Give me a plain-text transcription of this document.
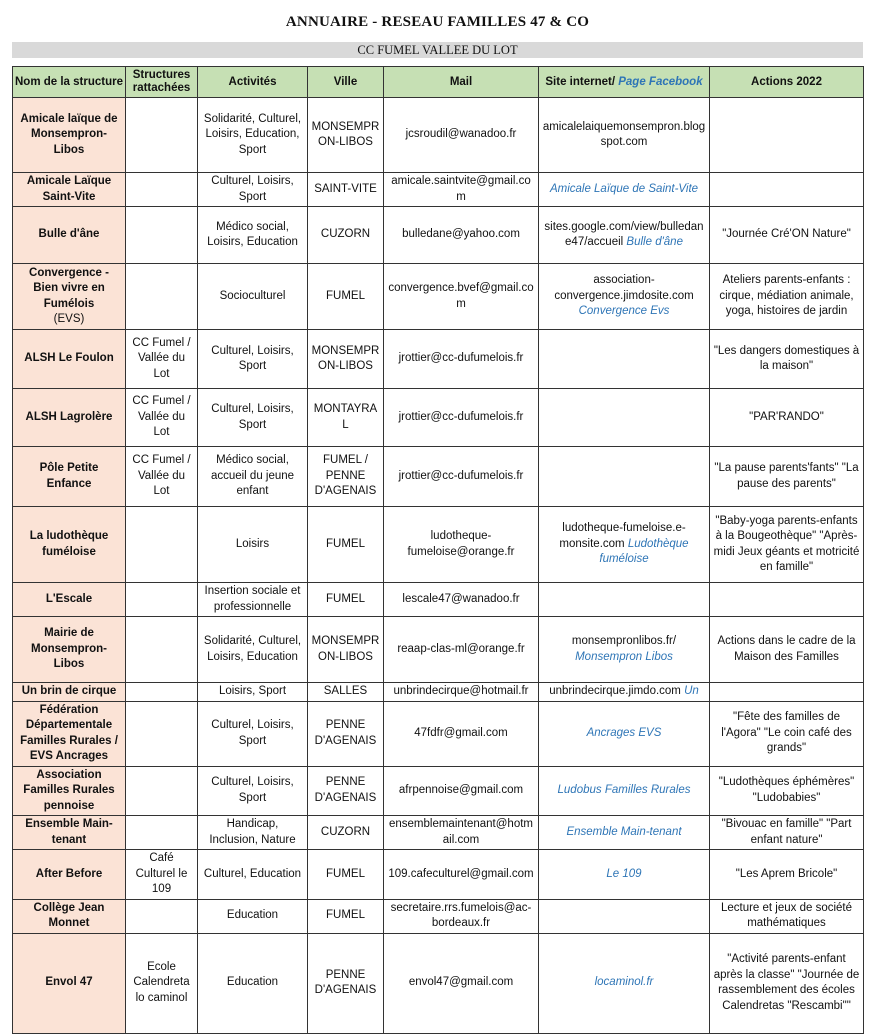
ANNUAIRE - RESEAU FAMILLES 47 & CO
CC FUMEL VALLEE DU LOT
Nom de la structure	Structures rattachées	Activités	Ville	Mail	Site internet/ Page Facebook	Actions 2022
Amicale laïque de Monsempron-Libos		Solidarité, Culturel, Loisirs, Education, Sport	MONSEMPRON-LIBOS	jcsroudil@wanadoo.fr	amicalelaiquemonsempron.blogspot.com	
Amicale Laïque Saint-Vite		Culturel, Loisirs, Sport	SAINT-VITE	amicale.saintvite@gmail.com	Amicale Laïque de Saint-Vite	
Bulle d'âne		Médico social, Loisirs, Education	CUZORN	bulledane@yahoo.com	sites.google.com/view/bulledane47/accueil Bulle d'âne	"Journée Cré'ON Nature"
Convergence - Bien vivre en Fumélois
(EVS)		Socioculturel	FUMEL	convergence.bvef@gmail.com	association-convergence.jimdosite.com Convergence Evs	Ateliers parents-enfants : cirque, médiation animale, yoga, histoires de jardin
ALSH Le Foulon	CC Fumel / Vallée du Lot	Culturel, Loisirs, Sport	MONSEMPRON-LIBOS	jrottier@cc-dufumelois.fr		"Les dangers domestiques à la maison"
ALSH Lagrolère	CC Fumel / Vallée du Lot	Culturel, Loisirs, Sport	MONTAYRAL	jrottier@cc-dufumelois.fr		"PAR'RANDO"
Pôle Petite Enfance	CC Fumel / Vallée du Lot	Médico social, accueil du jeune enfant	FUMEL / PENNE D'AGENAIS	jrottier@cc-dufumelois.fr		"La pause parents'fants" "La pause des parents"
La ludothèque fuméloise		Loisirs	FUMEL	ludotheque-fumeloise@orange.fr	ludotheque-fumeloise.e-monsite.com Ludothèque fuméloise	"Baby-yoga parents-enfants à la Bougeothèque" "Après-midi Jeux géants et motricité en famille"
L'Escale		Insertion sociale et professionnelle	FUMEL	lescale47@wanadoo.fr		
Mairie de Monsempron-Libos		Solidarité, Culturel, Loisirs, Education	MONSEMPRON-LIBOS	reaap-clas-ml@orange.fr	monsempronlibos.fr/ Monsempron Libos	Actions dans le cadre de la Maison des Familles
Un brin de cirque		Loisirs, Sport	SALLES	unbrindecirque@hotmail.fr	unbrindecirque.jimdo.com Un	
Fédération Départementale Familles Rurales / EVS Ancrages		Culturel, Loisirs, Sport	PENNE D'AGENAIS	47fdfr@gmail.com	Ancrages EVS	"Fête des familles de l'Agora" "Le coin café des grands"
Association Familles Rurales pennoise		Culturel, Loisirs, Sport	PENNE D'AGENAIS	afrpennoise@gmail.com	Ludobus Familles Rurales	"Ludothèques éphémères" "Ludobabies"
Ensemble Main-tenant		Handicap, Inclusion, Nature	CUZORN	ensemblemaintenant@hotmail.com	Ensemble Main-tenant	"Bivouac en famille" "Part enfant nature"
After Before	Café Culturel le 109	Culturel, Education	FUMEL	109.cafeculturel@gmail.com	Le 109	"Les Aprem Bricole"
Collège Jean Monnet		Education	FUMEL	secretaire.rrs.fumelois@ac-bordeaux.fr		Lecture et jeux de société mathématiques
Envol 47	Ecole Calendreta lo caminol	Education	PENNE D'AGENAIS	envol47@gmail.com	locaminol.fr	"Activité parents-enfant après la classe" "Journée de rassemblement des écoles Calendretas "Rescambi""
